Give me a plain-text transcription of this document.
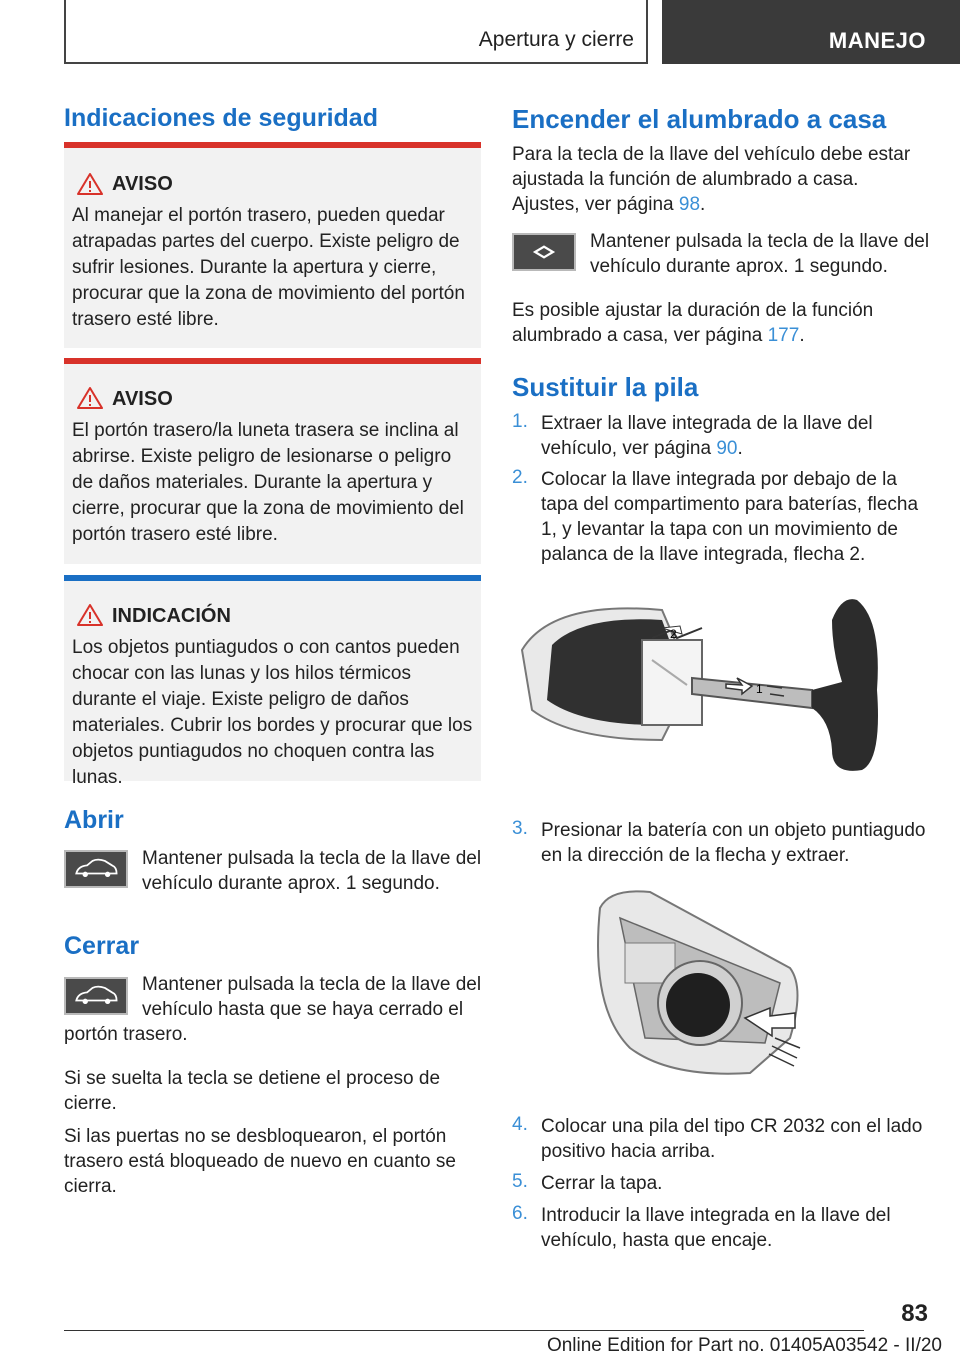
Apertura y cierre	MANEJO
Indicaciones de seguridad
AVISO
Al manejar el portón trasero, pueden quedar atrapadas partes del cuerpo. Existe peligro de sufrir lesiones. Durante la apertura y cierre, procurar que la zona de movimiento del portón trasero esté libre.
AVISO
El portón trasero/la luneta trasera se inclina al abrirse. Existe peligro de lesionarse o peligro de daños materiales. Durante la apertura y cierre, procurar que la zona de movimiento del portón trasero esté libre.
INDICACIÓN
Los objetos puntiagudos o con cantos pueden chocar con las lunas y los hilos térmicos durante el viaje. Existe peligro de daños materiales. Cubrir los bordes y procurar que los objetos puntiagudos no choquen contra las lunas.
Abrir
Mantener pulsada la tecla de la llave del vehículo durante aprox. 1 segundo.
Cerrar
Mantener pulsada la tecla de la llave del
vehículo hasta que se haya cerrado el
portón trasero.
Si se suelta la tecla se detiene el proceso de cierre.
Si las puertas no se desbloquearon, el portón trasero está bloqueado de nuevo en cuanto se cierra.
Encender el alumbrado a casa
Para la tecla de la llave del vehículo debe estar ajustada la función de alumbrado a casa. Ajustes, ver página 98.
Mantener pulsada la tecla de la llave del vehículo durante aprox. 1 segundo.
Es posible ajustar la duración de la función alumbrado a casa, ver página 177.
Sustituir la pila
1. Extraer la llave integrada de la llave del vehículo, ver página 90.
2. Colocar la llave integrada por debajo de la tapa del compartimento para baterías, flecha 1, y levantar la tapa con un movimiento de palanca de la llave integrada, flecha 2.
2
1
3. Presionar la batería con un objeto puntiagudo en la dirección de la flecha y extraer.
4. Colocar una pila del tipo CR 2032 con el lado positivo hacia arriba.
5. Cerrar la tapa.
6. Introducir la llave integrada en la llave del vehículo, hasta que encaje.
83
Online Edition for Part no. 01405A03542 - II/20
